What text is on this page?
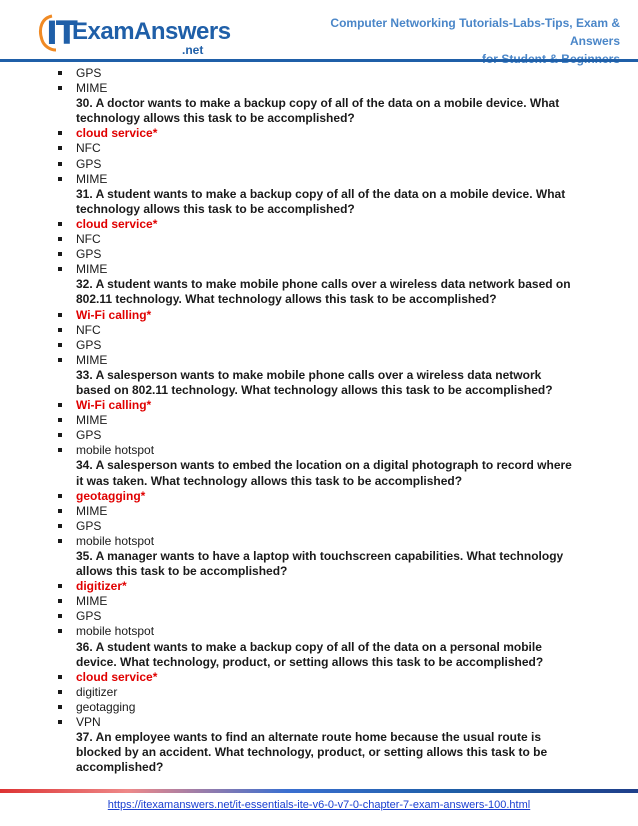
IT
ExamAnswers
.net
Computer Networking Tutorials-Labs-Tips, Exam & Answers
GPS
MIME
30. A doctor wants to make a backup copy of all of the data on a mobile device. What technology allows this task to be accomplished?
cloud service*
NFC
GPS
MIME
31. A student wants to make a backup copy of all of the data on a mobile device. What technology allows this task to be accomplished?
cloud service*
NFC
GPS
MIME
32. A student wants to make mobile phone calls over a wireless data network based on 802.11 technology. What technology allows this task to be accomplished?
Wi-Fi calling*
NFC
GPS
MIME
33. A salesperson wants to make mobile phone calls over a wireless data network based on 802.11 technology. What technology allows this task to be accomplished?
Wi-Fi calling*
MIME
GPS
mobile hotspot
34. A salesperson wants to embed the location on a digital photograph to record where it was taken. What technology allows this task to be accomplished?
geotagging*
MIME
GPS
mobile hotspot
35. A manager wants to have a laptop with touchscreen capabilities. What technology allows this task to be accomplished?
digitizer*
MIME
GPS
mobile hotspot
36. A student wants to make a backup copy of all of the data on a personal mobile device. What technology, product, or setting allows this task to be accomplished?
cloud service*
digitizer
geotagging
VPN
37. An employee wants to find an alternate route home because the usual route is blocked by an accident. What technology, product, or setting allows this task to be accomplished?
https://itexamanswers.net/it-essentials-ite-v6-0-v7-0-chapter-7-exam-answers-100.html
